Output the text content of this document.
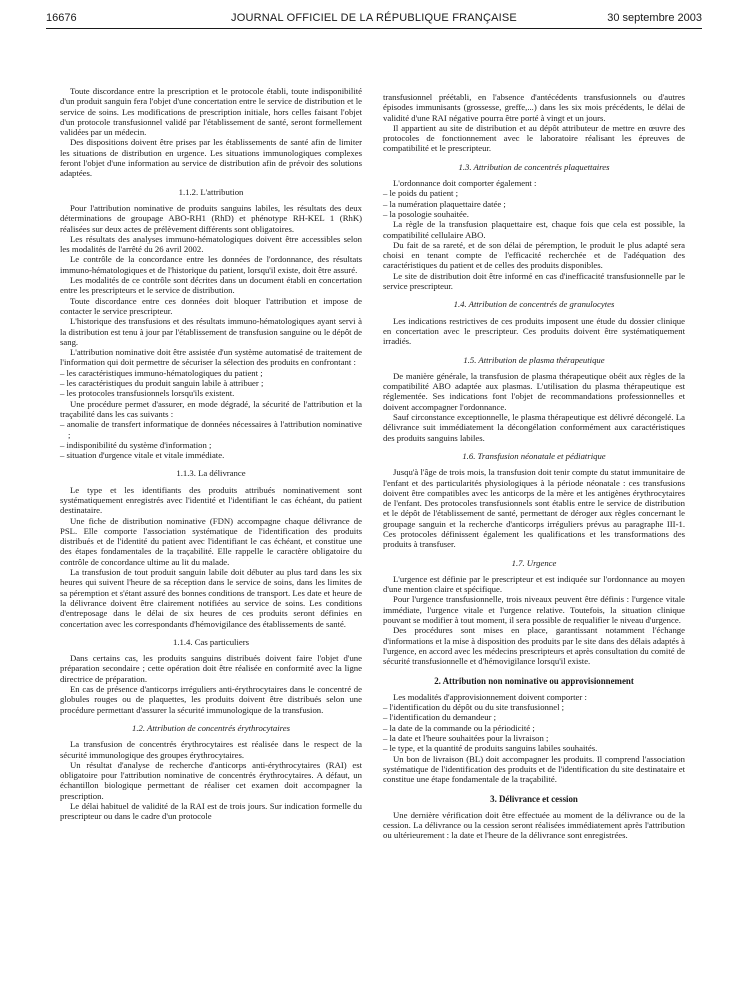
16676	JOURNAL OFFICIEL DE LA RÉPUBLIQUE FRANÇAISE	30 septembre 2003

Toute discordance entre la prescription et le protocole établi, toute indisponibilité d'un produit sanguin fera l'objet d'une concertation entre le service de distribution et le service de soins. Les modifications de prescription initiale, hors celles faisant l'objet d'un protocole transfusionnel validé par l'établissement de santé, seront formellement validées par un médecin.

Des dispositions doivent être prises par les établissements de santé afin de limiter les situations de distribution en urgence. Les situations immunologiques complexes feront l'objet d'une information au service de distribution afin de prévoir des solutions adaptées.

1.1.2. L'attribution

Pour l'attribution nominative de produits sanguins labiles, les résultats des deux déterminations de groupage ABO-RH1 (RhD) et phénotype RH-KEL 1 (RhK) réalisées sur deux actes de prélèvement différents sont obligatoires.

Les résultats des analyses immuno-hématologiques doivent être accessibles selon les modalités de l'arrêté du 26 avril 2002.

Le contrôle de la concordance entre les données de l'ordonnance, des résultats immuno-hématologiques et de l'historique du patient, lorsqu'il existe, doit être assuré.

Les modalités de ce contrôle sont décrites dans un document établi en concertation entre les prescripteurs et le service de distribution.

Toute discordance entre ces données doit bloquer l'attribution et impose de contacter le service prescripteur.

L'historique des transfusions et des résultats immuno-hématologiques ayant servi à la distribution est tenu à jour par l'établissement de transfusion sanguine ou le dépôt de sang.

L'attribution nominative doit être assistée d'un système automatisé de traitement de l'information qui doit permettre de sécuriser la sélection des produits en confrontant :

– les caractéristiques immuno-hématologiques du patient ;

– les caractéristiques du produit sanguin labile à attribuer ;

– les protocoles transfusionnels lorsqu'ils existent.

Une procédure permet d'assurer, en mode dégradé, la sécurité de l'attribution et la traçabilité dans les cas suivants :

– anomalie de transfert informatique de données nécessaires à l'attribution nominative ;

– indisponibilité du système d'information ;

– situation d'urgence vitale et vitale immédiate.

1.1.3. La délivrance

Le type et les identifiants des produits attribués nominativement sont systématiquement enregistrés avec l'identité et l'identifiant le cas échéant, du patient destinataire.

Une fiche de distribution nominative (FDN) accompagne chaque délivrance de PSL. Elle comporte l'association systématique de l'identification des produits distribués et de l'identité du patient avec l'identifiant le cas échéant, et constitue une des étapes fondamentales de la traçabilité. Elle rappelle le caractère obligatoire du contrôle de concordance ultime au lit du malade.

La transfusion de tout produit sanguin labile doit débuter au plus tard dans les six heures qui suivent l'heure de sa réception dans le service de soins, dans les limites de sa péremption et s'étant assuré des bonnes conditions de transport. Les date et heure de la délivrance doivent être clairement notifiées au service de soins. Les conditions d'entreposage dans le délai de six heures de ces produits seront définies en concertation avec les correspondants d'hémovigilance des établissements de santé.

1.1.4. Cas particuliers

Dans certains cas, les produits sanguins distribués doivent faire l'objet d'une préparation secondaire ; cette opération doit être réalisée en conformité avec la ligne directrice de préparation.

En cas de présence d'anticorps irréguliers anti-érythrocytaires dans le concentré de globules rouges ou de plaquettes, les produits doivent être distribués selon une procédure permettant d'assurer la sécurité immunologique de la transfusion.

1.2. Attribution de concentrés érythrocytaires

La transfusion de concentrés érythrocytaires est réalisée dans le respect de la sécurité immunologique des groupes érythrocytaires.

Un résultat d'analyse de recherche d'anticorps anti-érythrocytaires (RAI) est obligatoire pour l'attribution nominative de concentrés érythrocytaires. A défaut, un échantillon biologique permettant de réaliser cet examen doit accompagner la prescription.

Le délai habituel de validité de la RAI est de trois jours. Sur indication formelle du prescripteur ou dans le cadre d'un protocole

transfusionnel préétabli, en l'absence d'antécédents transfusionnels ou d'autres épisodes immunisants (grossesse, greffe,...) dans les six mois précédents, le délai de validité d'une RAI négative pourra être porté à vingt et un jours.

Il appartient au site de distribution et au dépôt attributeur de mettre en œuvre des protocoles de fonctionnement avec le laboratoire réalisant les épreuves de compatibilité et le prescripteur.

1.3. Attribution de concentrés plaquettaires

L'ordonnance doit comporter également :

– le poids du patient ;

– la numération plaquettaire datée ;

– la posologie souhaitée.

La règle de la transfusion plaquettaire est, chaque fois que cela est possible, la compatibilité cellulaire ABO.

Du fait de sa rareté, et de son délai de péremption, le produit le plus adapté sera choisi en tenant compte de l'efficacité recherchée et de l'adéquation des caractéristiques du patient et de celles des produits disponibles.

Le site de distribution doit être informé en cas d'inefficacité transfusionnelle par le service prescripteur.

1.4. Attribution de concentrés de granulocytes

Les indications restrictives de ces produits imposent une étude du dossier clinique en concertation avec le prescripteur. Ces produits doivent être systématiquement irradiés.

1.5. Attribution de plasma thérapeutique

De manière générale, la transfusion de plasma thérapeutique obéit aux règles de la compatibilité ABO adaptée aux plasmas. L'utilisation du plasma thérapeutique est réglementée. Ses indications font l'objet de recommandations professionnelles et doivent accompagner l'ordonnance.

Sauf circonstance exceptionnelle, le plasma thérapeutique est délivré décongelé. La délivrance suit immédiatement la décongélation conformément aux caractéristiques des produits sanguins labiles.

1.6. Transfusion néonatale et pédiatrique

Jusqu'à l'âge de trois mois, la transfusion doit tenir compte du statut immunitaire de l'enfant et des particularités physiologiques à la période néonatale : ces transfusions doivent être compatibles avec les anticorps de la mère et les antigènes érythrocytaires de l'enfant. Des protocoles transfusionnels sont établis entre le service de distribution et le dépôt de l'établissement de santé, permettant de déroger aux règles concernant le groupage sanguin et la recherche d'anticorps irréguliers prévus au paragraphe III-1. Ces protocoles définissent également les qualifications et les transformations des produits à transfuser.

1.7. Urgence

L'urgence est définie par le prescripteur et est indiquée sur l'ordonnance au moyen d'une mention claire et spécifique.

Pour l'urgence transfusionnelle, trois niveaux peuvent être définis : l'urgence vitale immédiate, l'urgence vitale et l'urgence relative. Toutefois, la situation clinique pouvant se modifier à tout moment, il sera possible de requalifier le niveau d'urgence.

Des procédures sont mises en place, garantissant notamment l'échange d'informations et la mise à disposition des produits par le site dans des délais adaptés à l'urgence, en accord avec les médecins prescripteurs et après consultation du comité de sécurité transfusionnelle et d'hémovigilance lorsqu'il existe.

2. Attribution non nominative ou approvisionnement

Les modalités d'approvisionnement doivent comporter :

– l'identification du dépôt ou du site transfusionnel ;

– l'identification du demandeur ;

– la date de la commande ou la périodicité ;

– la date et l'heure souhaitées pour la livraison ;

– le type, et la quantité de produits sanguins labiles souhaités.

Un bon de livraison (BL) doit accompagner les produits. Il comprend l'association systématique de l'identification des produits et de l'identification du site destinataire et constitue une étape fondamentale de la traçabilité.

3. Délivrance et cession

Une dernière vérification doit être effectuée au moment de la délivrance ou de la cession. La délivrance ou la cession seront réalisées immédiatement après l'attribution ou ultérieurement : la date et l'heure de la délivrance sont enregistrées.
